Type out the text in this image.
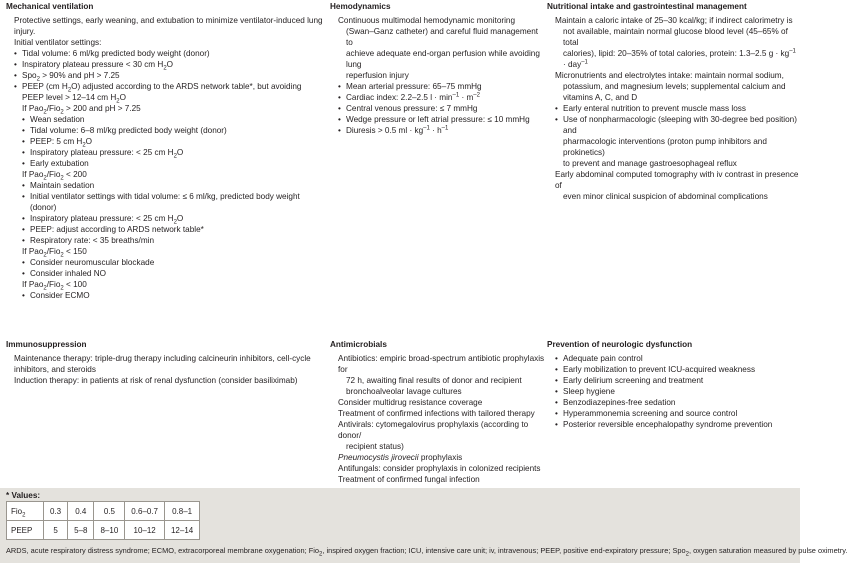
Mechanical ventilation
Protective settings, early weaning, and extubation to minimize ventilator-induced lung injury.
Initial ventilator settings:
• Tidal volume: 6 ml/kg predicted body weight (donor)
• Inspiratory plateau pressure < 30 cm $H_2O$
• Spo$_2$ > 90% and pH > 7.25
• PEEP (cm $H_2O$) adjusted according to the ARDS network table*, but avoiding
PEEP level > 12–14 cm $H_2O$
If Pao$_2$/Fio$_2$ > 200 and pH > 7.25
• Wean sedation
• Tidal volume: 6–8 ml/kg predicted body weight (donor)
• PEEP: 5 cm $H_2O$
• Inspiratory plateau pressure: < 25 cm $H_2O$
• Early extubation
If Pao$_2$/Fio$_2$ < 200
• Maintain sedation
• Initial ventilator settings with tidal volume: ≤ 6 ml/kg, predicted body weight (donor)
• Inspiratory plateau pressure: < 25 cm $H_2O$
• PEEP: adjust according to ARDS network table*
• Respiratory rate: < 35 breaths/min
If Pao$_2$/Fio$_2$ < 150
• Consider neuromuscular blockade
• Consider inhaled NO
If Pao$_2$/Fio$_2$ < 100
• Consider ECMO
Immunosuppression
Maintenance therapy: triple-drug therapy including calcineurin inhibitors, cell-cycle
inhibitors, and steroids
Induction therapy: in patients at risk of renal dysfunction (consider basiliximab)
Hemodynamics
Continuous multimodal hemodynamic monitoring
(Swan–Ganz catheter) and careful fluid management to
achieve adequate end-organ perfusion while avoiding lung
reperfusion injury
• Mean arterial pressure: 65–75 mmHg
• Cardiac index: 2.2–2.5 $l \cdot \min^{-1} \cdot m^{-2}$
• Central venous pressure: ≤ 7 mmHg
• Wedge pressure or left atrial pressure: ≤ 10 mmHg
• Diuresis > 0.5 ml · $kg^{-1} \cdot h^{-1}$
Antimicrobials
Antibiotics: empiric broad-spectrum antibiotic prophylaxis for
72 h, awaiting final results of donor and recipient
bronchoalveolar lavage cultures
Consider multidrug resistance coverage
Treatment of confirmed infections with tailored therapy
Antivirals: cytomegalovirus prophylaxis (according to donor/
recipient status)
Pneumocystis jirovecii prophylaxis
Antifungals: consider prophylaxis in colonized recipients
Treatment of confirmed fungal infection
Nutritional intake and gastrointestinal management
Maintain a caloric intake of 25–30 kcal/kg; if indirect calorimetry is
not available, maintain normal glucose blood level (45–65% of total
calories), lipid: 20–35% of total calories, protein: 1.3–2.5 $g \cdot kg^{-1} \cdot day^{-1}$
Micronutrients and electrolytes intake: maintain normal sodium,
potassium, and magnesium levels; supplemental calcium and
vitamins A, C, and D
• Early enteral nutrition to prevent muscle mass loss
• Use of nonpharmacologic (sleeping with 30-degree bed position) and
pharmacologic interventions (proton pump inhibitors and prokinetics)
to prevent and manage gastroesophageal reflux
Early abdominal computed tomography with iv contrast in presence of
even minor clinical suspicion of abdominal complications
Prevention of neurologic dysfunction
• Adequate pain control
• Early mobilization to prevent ICU-acquired weakness
• Early delirium screening and treatment
• Sleep hygiene
• Benzodiazepines-free sedation
• Hyperammonemia screening and source control
• Posterior reversible encephalopathy syndrome prevention
* Values:
Fio$_2$	0.3	0.4	0.5	0.6–0.7	0.8–1
PEEP	5	5–8	8–10	10–12	12–14
ARDS, acute respiratory distress syndrome; ECMO, extracorporeal membrane oxygenation; Fio$_2$, inspired oxygen fraction; ICU, intensive care unit; iv, intravenous; PEEP, positive end-expiratory pressure; Spo$_2$, oxygen saturation measured by pulse oximetry.
